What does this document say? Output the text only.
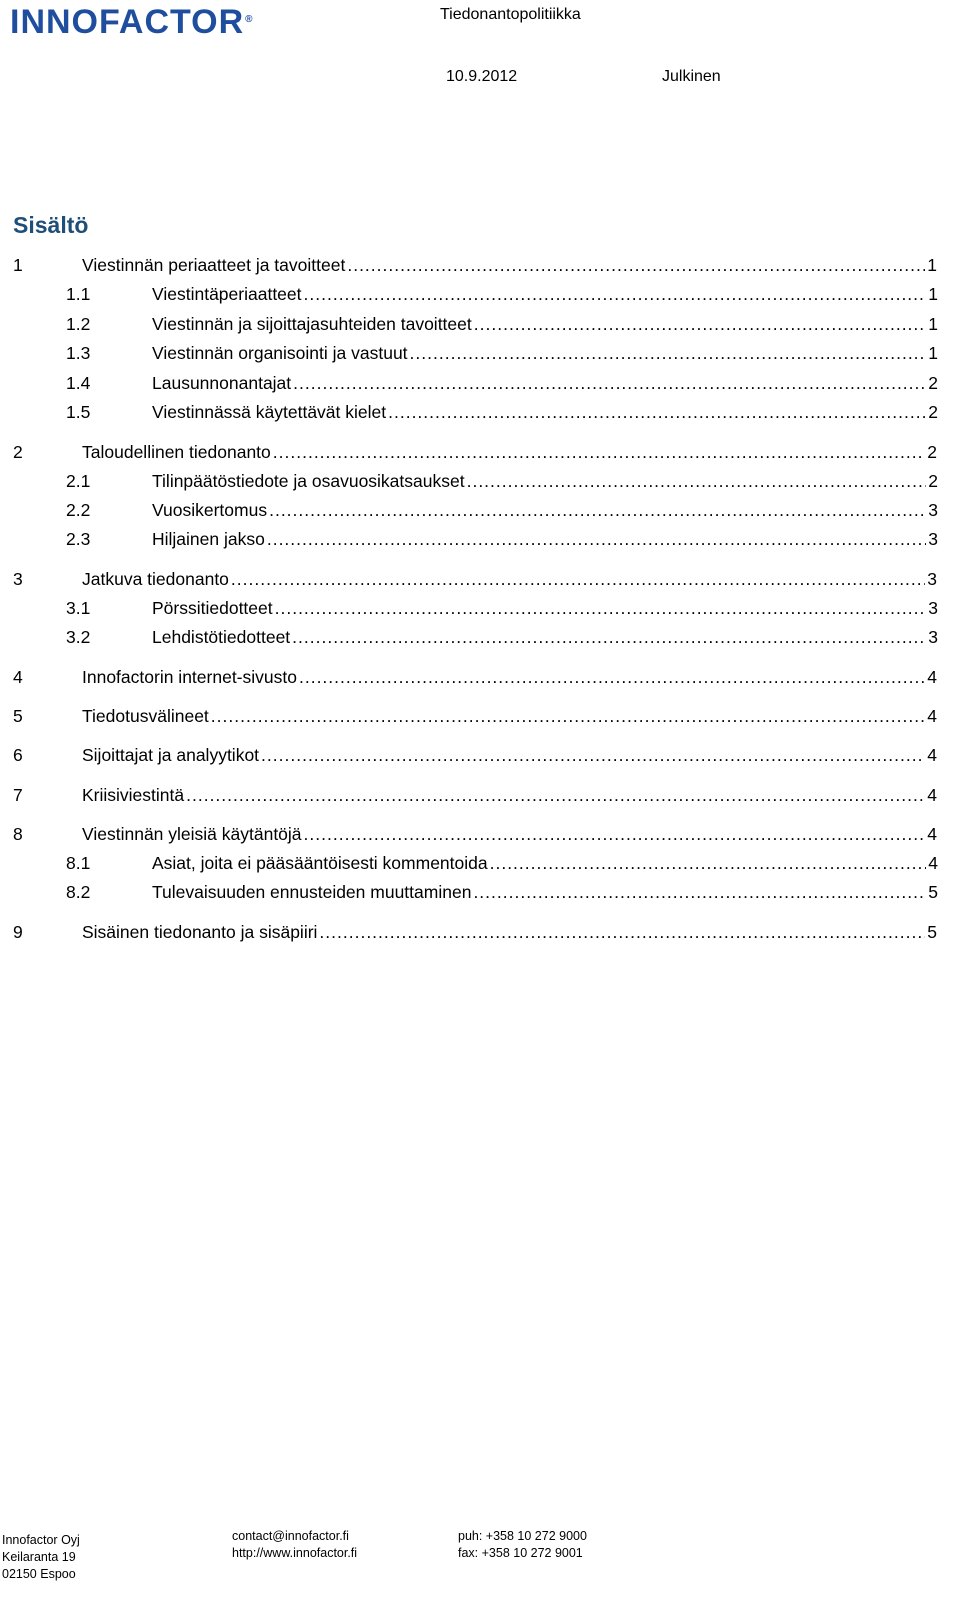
INNOFACTOR®	Tiedonantopolitiikka
10.9.2012	Julkinen
Sisältö
1	Viestinnän periaatteet ja tavoitteet .....	1
1.1	Viestintäperiaatteet .....	1
1.2	Viestinnän ja sijoittajasuhteiden tavoitteet .....	1
1.3	Viestinnän organisointi ja vastuut .....	1
1.4	Lausunnonantajat .....	2
1.5	Viestinnässä käytettävät kielet .....	2
2	Taloudellinen tiedonanto .....	2
2.1	Tilinpäätöstiedote ja osavuosikatsaukset .....	2
2.2	Vuosikertomus .....	3
2.3	Hiljainen jakso .....	3
3	Jatkuva tiedonanto .....	3
3.1	Pörssitiedotteet .....	3
3.2	Lehdistötiedotteet .....	3
4	Innofactorin internet-sivusto .....	4
5	Tiedotusvälineet .....	4
6	Sijoittajat ja analyytikot .....	4
7	Kriisiviestintä .....	4
8	Viestinnän yleisiä käytäntöjä .....	4
8.1	Asiat, joita ei pääsääntöisesti kommentoida .....	4
8.2	Tulevaisuuden ennusteiden muuttaminen .....	5
9	Sisäinen tiedonanto ja sisäpiiri .....	5
Innofactor Oyj
Keilaranta 19
02150 Espoo
contact@innofactor.fi
http://www.innofactor.fi
puh: +358 10 272 9000
fax: +358 10 272 9001
